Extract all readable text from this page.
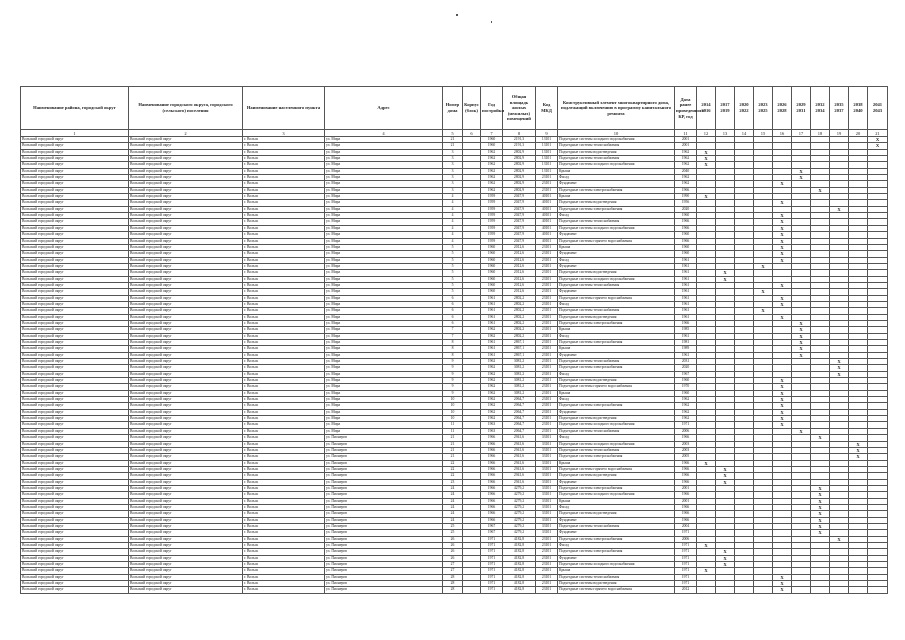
Наименование района, городской округ	Наименование городского округа, городского (сельского) поселения	Наименование населенного пункта	Адрес	Номер дома	Корпус (блок)	Год постройки	Общая площадь жилых (нежилых) помещений	Код МКД	Конструктивный элемент многоквартирного дома, подлежащий включению в программу капитального ремонта	Дата ранее проведенного КР, год	2014 2016	2017 2019	2020 2022	2023 2025	2026 2028	2029 2031	2032 2034	2035 2037	2038 2040	2041 2043
1	2	3	4	5	6	7	8	9	10	11	12	13	14	15	16	17	18	19	20	21
Вольский городской округ	Вольский городской округ	г. Вольск	ул. Мира	21		1960	2191,3	13101	Подъездные системы холодного водоснабжения	2001										X
Вольский городской округ	Вольский городской округ	г. Вольск	ул. Мира	21		1960	2191,3	13101	Подъездные системы теплоснабжения	2001										X
Вольский городской округ	Вольский городской округ	г. Вольск	ул. Мира	3		1962	2802,9	13101	Подъездные системы водоотведения	1962	X									
Вольский городской округ	Вольский городской округ	г. Вольск	ул. Мира	3		1962	2802,9	13101	Подъездные системы теплоснабжения	1962	X									
Вольский городской округ	Вольский городской округ	г. Вольск	ул. Мира	3		1962	2802,9	13101	Подъездные системы холодного водоснабжения	1962	X									
Вольский городской округ	Вольский городской округ	г. Вольск	ул. Мира	3		1962	2802,9	13101	Крыша	2040						X				
Вольский городской округ	Вольский городской округ	г. Вольск	ул. Мира	3		1962	2802,9	23101	Фасад	1962						X				
Вольский городской округ	Вольский городской округ	г. Вольск	ул. Мира	3		1962	2802,9	23101	Фундамент	1962					X					
Вольский городской округ	Вольский городской округ	г. Вольск	ул. Мира	3		1962	2802,9	23101	Подъездные системы электроснабжения	1966							X			
Вольский городской округ	Вольский городской округ	г. Вольск	ул. Мира	4		1959	2047,9	40101	Крыша	1990	X									
Вольский городской округ	Вольский городской округ	г. Вольск	ул. Мира	4		1959	2047,9	40101	Подъездные системы водоотведения	1956					X					
Вольский городской округ	Вольский городской округ	г. Вольск	ул. Мира	4		1959	2047,9	40101	Подъездные системы электроснабжения	2020								X		
Вольский городской округ	Вольский городской округ	г. Вольск	ул. Мира	4		1959	2047,9	40101	Фасад	1960					X					
Вольский городской округ	Вольский городской округ	г. Вольск	ул. Мира	4		1959	2047,9	40101	Подъездные системы теплоснабжения	1966					X					
Вольский городской округ	Вольский городской округ	г. Вольск	ул. Мира	4		1959	2047,9	40101	Подъездные системы холодного водоснабжения	1966					X					
Вольский городской округ	Вольский городской округ	г. Вольск	ул. Мира	4		1959	2047,9	40101	Фундамент	1960					X					
Вольский городской округ	Вольский городской округ	г. Вольск	ул. Мира	4		1959	2047,9	40101	Подъездные системы горячего водоснабжения	1966					X					
Вольский городской округ	Вольский городской округ	г. Вольск	ул. Мира	5		1960	2012,6	23101	Крыша	1960					X					
Вольский городской округ	Вольский городской округ	г. Вольск	ул. Мира	5		1960	2012,6	23101	Фундамент	1960					X					
Вольский городской округ	Вольский городской округ	г. Вольск	ул. Мира	5		1960	2012,6	23101	Фасад	1961					X					
Вольский городской округ	Вольский городской округ	г. Вольск	ул. Мира	5		1960	2012,6	23101	Фундамент	1961				X						
Вольский городской округ	Вольский городской округ	г. Вольск	ул. Мира	5		1960	2012,6	23101	Подъездные системы водоотведения	1961		X								
Вольский городской округ	Вольский городской округ	г. Вольск	ул. Мира	5		1960	2012,6	23101	Подъездные системы холодного водоснабжения	1961		X								
Вольский городской округ	Вольский городской округ	г. Вольск	ул. Мира	5		1960	2012,6	23101	Подъездные системы теплоснабжения	1961					X					
Вольский городской округ	Вольский городской округ	г. Вольск	ул. Мира	5		1960	2012,6	23101	Фундамент	1961				X						
Вольский городской округ	Вольский городской округ	г. Вольск	ул. Мира	6		1961	2802,2	23101	Подъездные системы горячего водоснабжения	1961					X					
Вольский городской округ	Вольский городской округ	г. Вольск	ул. Мира	6		1961	2802,2	23101	Фасад	1961					X					
Вольский городской округ	Вольский городской округ	г. Вольск	ул. Мира	6		1961	2802,2	23101	Подъездные системы теплоснабжения	1961				X						
Вольский городской округ	Вольский городской округ	г. Вольск	ул. Мира	6		1961	2802,2	23101	Подъездные системы водоотведения	1961					X					
Вольский городской округ	Вольский городской округ	г. Вольск	ул. Мира	6		1961	2802,2	23101	Подъездные системы электроснабжения	1966						X				
Вольский городской округ	Вольский городской округ	г. Вольск	ул. Мира	7		1962	2802,2	23101	Крыша	1985						X				
Вольский городской округ	Вольский городской округ	г. Вольск	ул. Мира	7		1962	2802,2	23101	Фасад	1961						X				
Вольский городской округ	Вольский городской округ	г. Вольск	ул. Мира	8		1961	2867,1	23101	Подъездные системы электроснабжения	1981						X				
Вольский городской округ	Вольский городской округ	г. Вольск	ул. Мира	8		1961	2867,1	23101	Крыша	1989						X				
Вольский городской округ	Вольский городской округ	г. Вольск	ул. Мира	8		1961	2867,1	23101	Фундамент	1961						X				
Вольский городской округ	Вольский городской округ	г. Вольск	ул. Мира	9		1962	3081,2	23101	Подъездные системы теплоснабжения	2031								X		
Вольский городской округ	Вольский городской округ	г. Вольск	ул. Мира	9		1962	3081,2	23101	Подъездные системы электроснабжения	2020								X		
Вольский городской округ	Вольский городской округ	г. Вольск	ул. Мира	9		1962	3081,2	23101	Фасад	1967								X		
Вольский городской округ	Вольский городской округ	г. Вольск	ул. Мира	9		1962	3081,2	23101	Подъездные системы водоотведения	1960					X					
Вольский городской округ	Вольский городской округ	г. Вольск	ул. Мира	9		1962	3081,2	23101	Подъездные системы горячего водоснабжения	1970					X					
Вольский городской округ	Вольский городской округ	г. Вольск	ул. Мира	9		1962	3081,2	23101	Крыша	1960					X					
Вольский городской округ	Вольский городской округ	г. Вольск	ул. Мира	10		1962	2064,7	23101	Фасад	1962					X					
Вольский городской округ	Вольский городской округ	г. Вольск	ул. Мира	10		1962	2064,7	23101	Подъездные системы электроснабжения	1962					X					
Вольский городской округ	Вольский городской округ	г. Вольск	ул. Мира	10		1962	2064,7	23101	Фундамент	1962					X					
Вольский городской округ	Вольский городской округ	г. Вольск	ул. Мира	10		1962	2064,7	23101	Подъездные системы водоотведения	1962					X					
Вольский городской округ	Вольский городской округ	г. Вольск	ул. Мира	11		1963	2064,7	23101	Подъездные системы холодного водоснабжения	1971					X					
Вольский городской округ	Вольский городской округ	г. Вольск	ул. Мира	11		1963	2064,7	23101	Подъездные системы теплоснабжения	2006						X				
Вольский городской округ	Вольский городской округ	г. Вольск	ул. Пионеров	21		1966	2941,6	33101	Фасад	1966							X			
Вольский городской округ	Вольский городской округ	г. Вольск	ул. Пионеров	21		1966	2941,6	33101	Подъездные системы холодного водоснабжения	2003									X	
Вольский городской округ	Вольский городской округ	г. Вольск	ул. Пионеров	21		1966	2941,6	33101	Подъездные системы теплоснабжения	2003									X	
Вольский городской округ	Вольский городской округ	г. Вольск	ул. Пионеров	21		1966	2941,6	33101	Подъездные системы электроснабжения	2005									X	
Вольский городской округ	Вольский городской округ	г. Вольск	ул. Пионеров	22		1966	2941,6	33101	Крыша	1966	X									
Вольский городской округ	Вольский городской округ	г. Вольск	ул. Пионеров	22		1966	2941,6	33101	Подъездные системы горячего водоснабжения	1966		X								
Вольский городской округ	Вольский городской округ	г. Вольск	ул. Пионеров	22		1966	2941,6	33101	Подъездные системы водоотведения	1966		X								
Вольский городской округ	Вольский городской округ	г. Вольск	ул. Пионеров	23		1966	2941,6	33101	Фундамент	1966		X								
Вольский городской округ	Вольский городской округ	г. Вольск	ул. Пионеров	24		1966	4279,2	33101	Подъездные системы электроснабжения	2001							X			
Вольский городской округ	Вольский городской округ	г. Вольск	ул. Пионеров	24		1966	4279,2	33101	Подъездные системы холодного водоснабжения	1966							X			
Вольский городской округ	Вольский городской округ	г. Вольск	ул. Пионеров	24		1966	4279,2	33101	Крыша	2001							X			
Вольский городской округ	Вольский городской округ	г. Вольск	ул. Пионеров	24		1966	4279,2	33101	Фасад	1966							X			
Вольский городской округ	Вольский городской округ	г. Вольск	ул. Пионеров	24		1966	4279,2	33101	Подъездные системы водоотведения	1966							X			
Вольский городской округ	Вольский городской округ	г. Вольск	ул. Пионеров	24		1966	4279,2	33101	Фундамент	1966							X			
Вольский городской округ	Вольский городской округ	г. Вольск	ул. Пионеров	25		1967	4279,2	33101	Подъездные системы теплоснабжения	2004							X			
Вольский городской округ	Вольский городской округ	г. Вольск	ул. Пионеров	25		1967	4279,2	33101	Фундамент	1971							X			
Вольский городской округ	Вольский городской округ	г. Вольск	ул. Пионеров	26		1971	4182,8	23101	Подъездные системы электроснабжения	2006								X		
Вольский городской округ	Вольский городской округ	г. Вольск	ул. Пионеров	26		1971	4182,8	23101	Фасад	1971	X									
Вольский городской округ	Вольский городской округ	г. Вольск	ул. Пионеров	26		1971	4182,8	23101	Подъездные системы электроснабжения	1971		X								
Вольский городской округ	Вольский городской округ	г. Вольск	ул. Пионеров	26		1971	4182,8	23101	Фундамент	1971		X								
Вольский городской округ	Вольский городской округ	г. Вольск	ул. Пионеров	27		1971	4182,8	23101	Подъездные системы холодного водоснабжения	1971		X								
Вольский городской округ	Вольский городской округ	г. Вольск	ул. Пионеров	27		1971	4182,8	23101	Крыша	1971	X									
Вольский городской округ	Вольский городской округ	г. Вольск	ул. Пионеров	28		1971	4182,8	23101	Подъездные системы теплоснабжения	1971					X					
Вольский городской округ	Вольский городской округ	г. Вольск	ул. Пионеров	28		1971	4182,8	23101	Подъездные системы водоотведения	1971					X					
Вольский городской округ	Вольский городской округ	г. Вольск	ул. Пионеров	28		1971	4182,8	23101	Подъездные системы горячего водоснабжения	2012					X					
